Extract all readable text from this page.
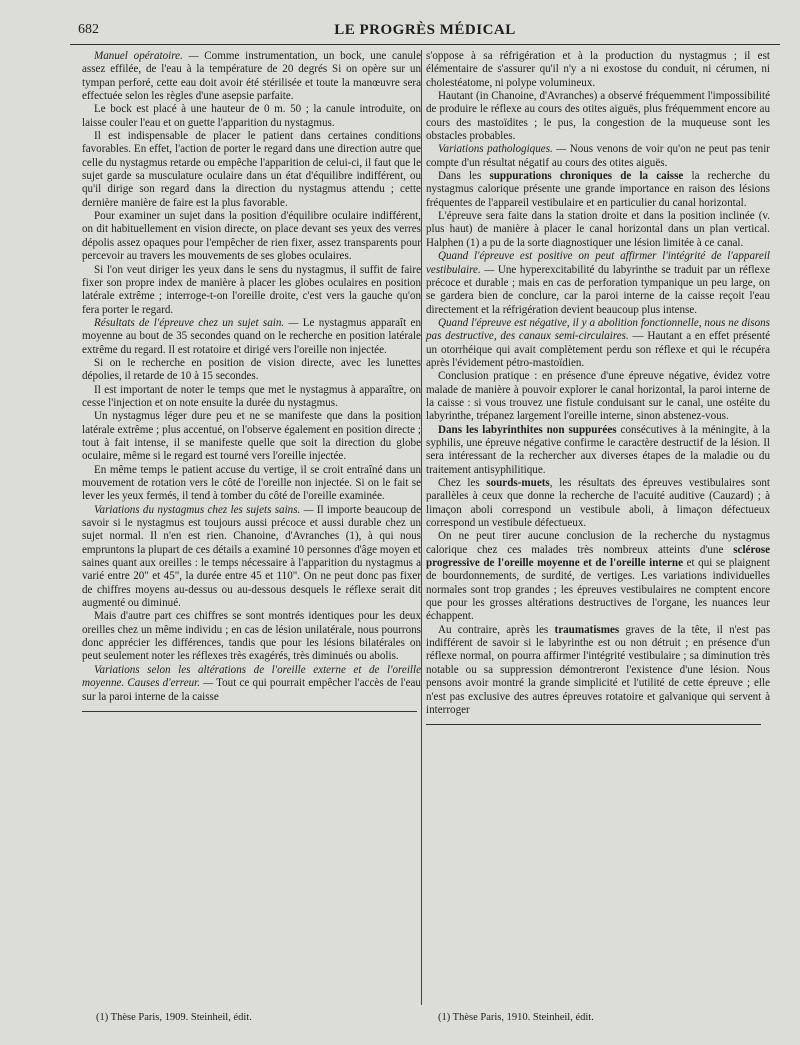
682	LE PROGRÈS MÉDICAL

Manuel opératoire. — Comme instrumentation, un bock, une canule assez effilée, de l'eau à la température de 20 degrés Si on opère sur un tympan perforé, cette eau doit avoir été stérilisée et toute la manœuvre sera effectuée selon les règles d'une asepsie parfaite.

Le bock est placé à une hauteur de 0 m. 50 ; la canule introduite, on laisse couler l'eau et on guette l'apparition du nystagmus.

Il est indispensable de placer le patient dans certaines conditions favorables. En effet, l'action de porter le regard dans une direction autre que celle du nystagmus retarde ou empêche l'apparition de celui-ci, il faut que le sujet garde sa musculature oculaire dans un état d'équilibre indifférent, ou qu'il dirige son regard dans la direction du nystagmus attendu ; cette dernière manière de faire est la plus favorable.

Pour examiner un sujet dans la position d'équilibre oculaire indifférent, on dit habituellement en vision directe, on place devant ses yeux des verres dépolis assez opaques pour l'empêcher de rien fixer, assez transparents pour percevoir au travers les mouvements de ses globes oculaires.

Si l'on veut diriger les yeux dans le sens du nystagmus, il suffit de faire fixer son propre index de manière à placer les globes oculaires en position latérale extrême ; interroge-t-on l'oreille droite, c'est vers la gauche qu'on fera porter le regard.

Résultats de l'épreuve chez un sujet sain. — Le nystagmus apparaît en moyenne au bout de 35 secondes quand on le recherche en position latérale extrême du regard. Il est rotatoire et dirigé vers l'oreille non injectée.

Si on le recherche en position de vision directe, avec les lunettes dépolies, il retarde de 10 à 15 secondes.

Il est important de noter le temps que met le nystagmus à apparaître, on cesse l'injection et on note ensuite la durée du nystagmus.

Un nystagmus léger dure peu et ne se manifeste que dans la position latérale extrême ; plus accentué, on l'observe également en position directe ; tout à fait intense, il se manifeste quelle que soit la direction du globe oculaire, même si le regard est tourné vers l'oreille injectée.

En même temps le patient accuse du vertige, il se croit entraîné dans un mouvement de rotation vers le côté de l'oreille non injectée. Si on le fait se lever les yeux fermés, il tend à tomber du côté de l'oreille examinée.

Variations du nystagmus chez les sujets sains. — Il importe beaucoup de savoir si le nystagmus est toujours aussi précoce et aussi durable chez un sujet normal. Il n'en est rien. Chanoine, d'Avranches (1), à qui nous empruntons la plupart de ces détails a examiné 10 personnes d'âge moyen et saines quant aux oreilles : le temps nécessaire à l'apparition du nystagmus a varié entre 20" et 45", la durée entre 45 et 110". On ne peut donc pas fixer de chiffres moyens au-dessus ou au-dessous desquels le réflexe serait dit augmenté ou diminué.

Mais d'autre part ces chiffres se sont montrés identiques pour les deux oreilles chez un même individu ; en cas de lésion unilatérale, nous pourrons donc apprécier les différences, tandis que pour les lésions bilatérales on peut seulement noter les réflexes très exagérés, très diminués ou abolis.

Variations selon les altérations de l'oreille externe et de l'oreille moyenne. Causes d'erreur. — Tout ce qui pourrait empêcher l'accès de l'eau sur la paroi interne de la caisse

s'oppose à sa réfrigération et à la production du nystagmus ; il est élémentaire de s'assurer qu'il n'y a ni exostose du conduit, ni cérumen, ni cholestéatome, ni polype volumineux.

Hautant (in Chanoine, d'Avranches) a observé fréquemment l'impossibilité de produire le réflexe au cours des otites aiguës, plus fréquemment encore au cours des mastoïdites ; le pus, la congestion de la muqueuse sont les obstacles probables.

Variations pathologiques. — Nous venons de voir qu'on ne peut pas tenir compte d'un résultat négatif au cours des otites aiguës.

Dans les suppurations chroniques de la caisse la recherche du nystagmus calorique présente une grande importance en raison des lésions fréquentes de l'appareil vestibulaire et en particulier du canal horizontal.

L'épreuve sera faite dans la station droite et dans la position inclinée (v. plus haut) de manière à placer le canal horizontal dans un plan vertical. Halphen (1) a pu de la sorte diagnostiquer une lésion limitée à ce canal.

Quand l'épreuve est positive on peut affirmer l'intégrité de l'appareil vestibulaire. — Une hyperexcitabilité du labyrinthe se traduit par un réflexe précoce et durable ; mais en cas de perforation tympanique un peu large, on se gardera bien de conclure, car la paroi interne de la caisse reçoit l'eau directement et la réfrigération devient beaucoup plus intense.

Quand l'épreuve est négative, il y a abolition fonctionnelle, nous ne disons pas destructive, des canaux semi-circulaires. — Hautant a en effet présenté un otorrhéique qui avait complètement perdu son réflexe et qui le récupéra après l'évidement pétro-mastoïdien.

Conclusion pratique : en présence d'une épreuve négative, évidez votre malade de manière à pouvoir explorer le canal horizontal, la paroi interne de la caisse : si vous trouvez une fistule conduisant sur le canal, une ostéite du labyrinthe, trépanez largement l'oreille interne, sinon abstenez-vous.

Dans les labyrinthites non suppurées consécutives à la méningite, à la syphilis, une épreuve négative confirme le caractère destructif de la lésion. Il sera intéressant de la rechercher aux diverses étapes de la maladie ou du traitement antisyphilitique.

Chez les sourds-muets, les résultats des épreuves vestibulaires sont parallèles à ceux que donne la recherche de l'acuité auditive (Cauzard) ; à limaçon aboli correspond un vestibule aboli, à limaçon défectueux correspond un vestibule défectueux.

On ne peut tirer aucune conclusion de la recherche du nystagmus calorique chez ces malades très nombreux atteints d'une sclérose progressive de l'oreille moyenne et de l'oreille interne et qui se plaignent de bourdonnements, de surdité, de vertiges. Les variations individuelles normales sont trop grandes ; les épreuves vestibulaires ne comptent encore que pour les grosses altérations destructives de l'organe, les nuances leur échappent.

Au contraire, après les traumatismes graves de la tête, il n'est pas indifférent de savoir si le labyrinthe est ou non détruit ; en présence d'un réflexe normal, on pourra affirmer l'intégrité vestibulaire ; sa diminution très notable ou sa suppression démontreront l'existence d'une lésion. Nous pensons avoir montré la grande simplicité et l'utilité de cette épreuve ; elle n'est pas exclusive des autres épreuves rotatoire et galvanique qui servent à interroger

(1) Thèse Paris, 1909. Steinheil, édit.	(1) Thèse Paris, 1910. Steinheil, édit.
